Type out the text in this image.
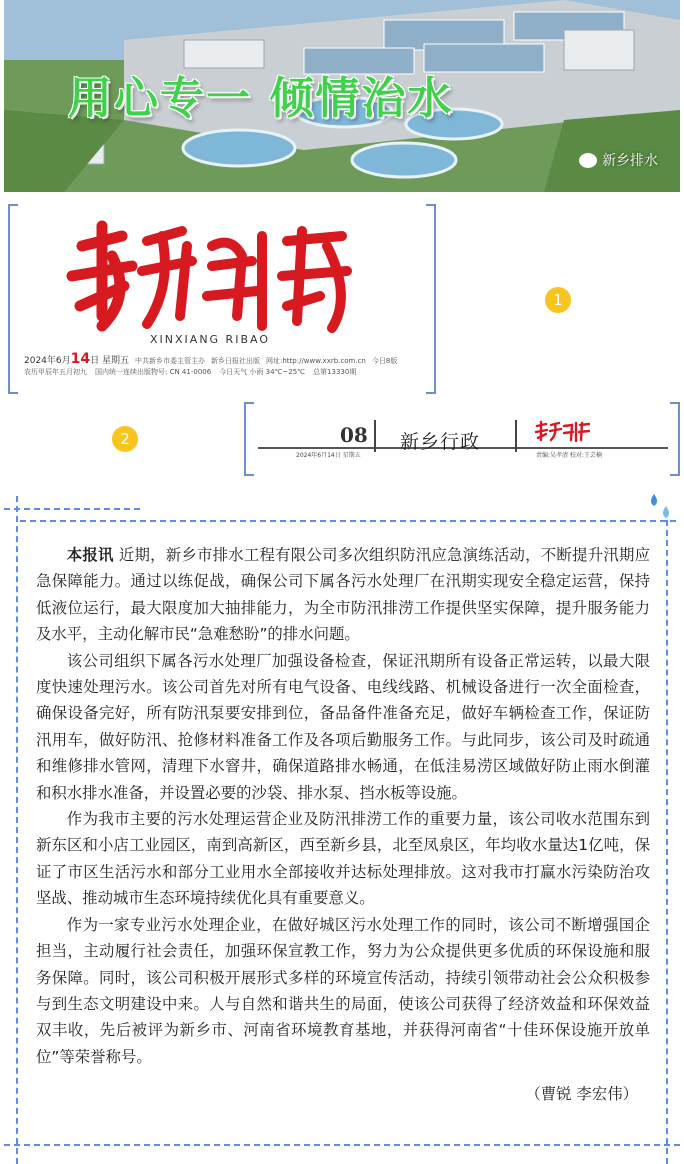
用心专一 倾情治水
新乡排水
XINXIANG RIBAO
2024年6月14日 星期五 中共新乡市委主管主办 新乡日报社出版 网址:http://www.xxrb.com.cn 今日8版
农历甲辰年五月初九 国内统一连续出版物号: CN 41-0006 今日天气 小雨 34℃~25℃ 总第13330期
1
2	08 新乡行政
2024年6月14日 星期五	责编:吴孝清 校对:王芸楠

本报讯 近期，新乡市排水工程有限公司多次组织防汛应急演练活动，不断提升汛期应急保障能力。通过以练促战，确保公司下属各污水处理厂在汛期实现安全稳定运营，保持低液位运行，最大限度加大抽排能力，为全市防汛排涝工作提供坚实保障，提升服务能力及水平，主动化解市民“急难愁盼”的排水问题。

该公司组织下属各污水处理厂加强设备检查，保证汛期所有设备正常运转，以最大限度快速处理污水。该公司首先对所有电气设备、电线线路、机械设备进行一次全面检查，确保设备完好，所有防汛泵要安排到位，备品备件准备充足，做好车辆检查工作，保证防汛用车，做好防汛、抢修材料准备工作及各项后勤服务工作。与此同步，该公司及时疏通和维修排水管网，清理下水窨井，确保道路排水畅通，在低洼易涝区域做好防止雨水倒灌和积水排水准备，并设置必要的沙袋、排水泵、挡水板等设施。

作为我市主要的污水处理运营企业及防汛排涝工作的重要力量，该公司收水范围东到新东区和小店工业园区，南到高新区，西至新乡县，北至凤泉区，年均收水量达1亿吨，保证了市区生活污水和部分工业用水全部接收并达标处理排放。这对我市打赢水污染防治攻坚战、推动城市生态环境持续优化具有重要意义。

作为一家专业污水处理企业，在做好城区污水处理工作的同时，该公司不断增强国企担当，主动履行社会责任，加强环保宣教工作，努力为公众提供更多优质的环保设施和服务保障。同时，该公司积极开展形式多样的环境宣传活动，持续引领带动社会公众积极参与到生态文明建设中来。人与自然和谐共生的局面，使该公司获得了经济效益和环保效益双丰收，先后被评为新乡市、河南省环境教育基地，并获得河南省“十佳环保设施开放单位”等荣誉称号。

（曹锐 李宏伟）
